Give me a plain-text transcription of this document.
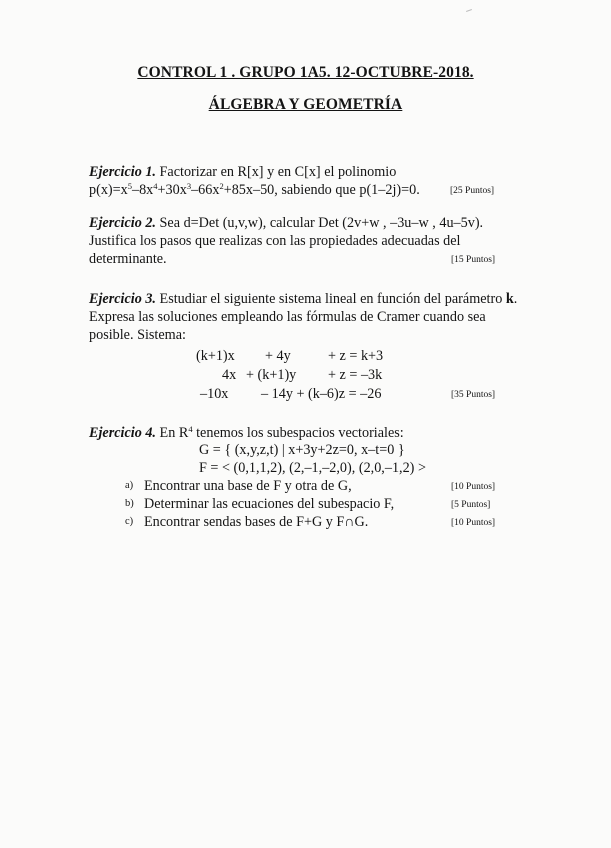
CONTROL 1 . GRUPO 1A5. 12-OCTUBRE-2018.
ÁLGEBRA Y GEOMETRÍA
Ejercicio 1. Factorizar en R[x] y en C[x] el polinomio
$p(x)=x^5-8x^4+30x^3-66x^2+85x-50$, sabiendo que p(1–2j)=0.	[25 Puntos]
Ejercicio 2. Sea d=Det (u,v,w), calcular Det (2v+w , –3u–w , 4u–5v).
Justifica los pasos que realizas con las propiedades adecuadas del
determinante.	[15 Puntos]
Ejercicio 3. Estudiar el siguiente sistema lineal en función del parámetro k.
Expresa las soluciones empleando las fórmulas de Cramer cuando sea
posible. Sistema:
(k+1)x + 4y	+ z = k+3
4x + (k+1)y + z = –3k
–10x – 14y + (k–6)z = –26	[35 Puntos]
Ejercicio 4. En $R^4$ tenemos los subespacios vectoriales:
G = { (x,y,z,t) | x+3y+2z=0, x–t=0 }
F = < (0,1,1,2), (2,–1,–2,0), (2,0,–1,2) >
a) Encontrar una base de F y otra de G,	[10 Puntos]
b) Determinar las ecuaciones del subespacio F,	[5 Puntos]
c) Encontrar sendas bases de F+G y F∩G.	[10 Puntos]
